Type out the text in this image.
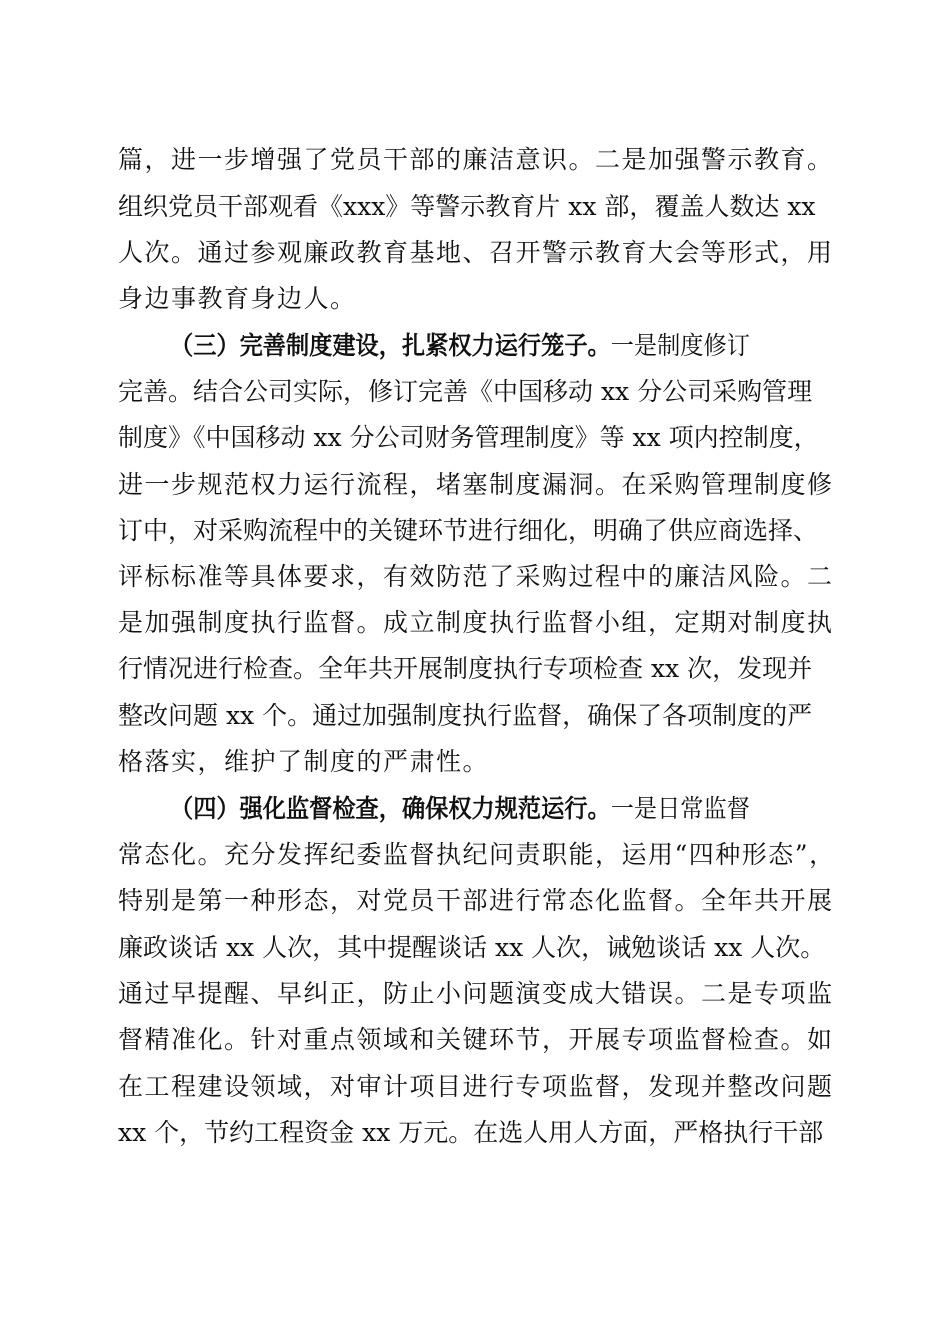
篇，进一步增强了党员干部的廉洁意识。二是加强警示教育。
组织党员干部观看《xxx》等警示教育片 xx 部，覆盖人数达 xx
人次。通过参观廉政教育基地、召开警示教育大会等形式，用
身边事教育身边人。
（三）完善制度建设，扎紧权力运行笼子。一是制度修订
完善。结合公司实际，修订完善《中国移动 xx 分公司采购管理
制度》《中国移动 xx 分公司财务管理制度》等 xx 项内控制度，
进一步规范权力运行流程，堵塞制度漏洞。在采购管理制度修
订中，对采购流程中的关键环节进行细化，明确了供应商选择、
评标标准等具体要求，有效防范了采购过程中的廉洁风险。二
是加强制度执行监督。成立制度执行监督小组，定期对制度执
行情况进行检查。全年共开展制度执行专项检查 xx 次，发现并
整改问题 xx 个。通过加强制度执行监督，确保了各项制度的严
格落实，维护了制度的严肃性。
（四）强化监督检查，确保权力规范运行。一是日常监督
常态化。充分发挥纪委监督执纪问责职能，运用“四种形态”，
特别是第一种形态，对党员干部进行常态化监督。全年共开展
廉政谈话 xx 人次，其中提醒谈话 xx 人次，诫勉谈话 xx 人次。
通过早提醒、早纠正，防止小问题演变成大错误。二是专项监
督精准化。针对重点领域和关键环节，开展专项监督检查。如
在工程建设领域，对审计项目进行专项监督，发现并整改问题
xx 个，节约工程资金 xx 万元。在选人用人方面，严格执行干部
